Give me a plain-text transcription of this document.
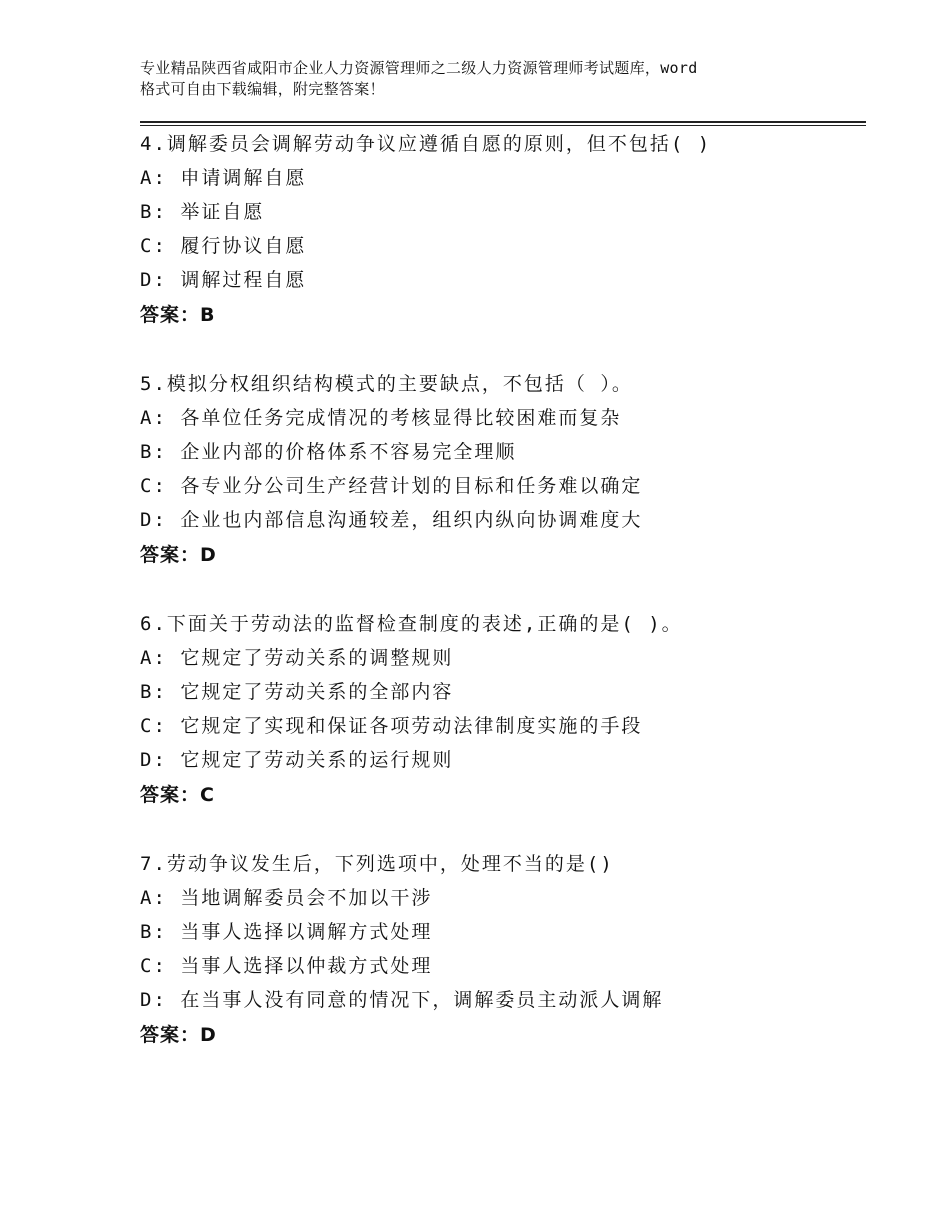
专业精品陕西省咸阳市企业人力资源管理师之二级人力资源管理师考试题库，word
格式可自由下载编辑，附完整答案！
4.调解委员会调解劳动争议应遵循自愿的原则，但不包括( )
A: 申请调解自愿
B: 举证自愿
C: 履行协议自愿
D: 调解过程自愿
答案：B
5.模拟分权组织结构模式的主要缺点，不包括（ ）。
A: 各单位任务完成情况的考核显得比较困难而复杂
B: 企业内部的价格体系不容易完全理顺
C: 各专业分公司生产经营计划的目标和任务难以确定
D: 企业也内部信息沟通较差，组织内纵向协调难度大
答案：D
6.下面关于劳动法的监督检查制度的表述,正确的是( )。
A: 它规定了劳动关系的调整规则
B: 它规定了劳动关系的全部内容
C: 它规定了实现和保证各项劳动法律制度实施的手段
D: 它规定了劳动关系的运行规则
答案：C
7.劳动争议发生后，下列选项中，处理不当的是()
A: 当地调解委员会不加以干涉
B: 当事人选择以调解方式处理
C: 当事人选择以仲裁方式处理
D: 在当事人没有同意的情况下，调解委员主动派人调解
答案：D
